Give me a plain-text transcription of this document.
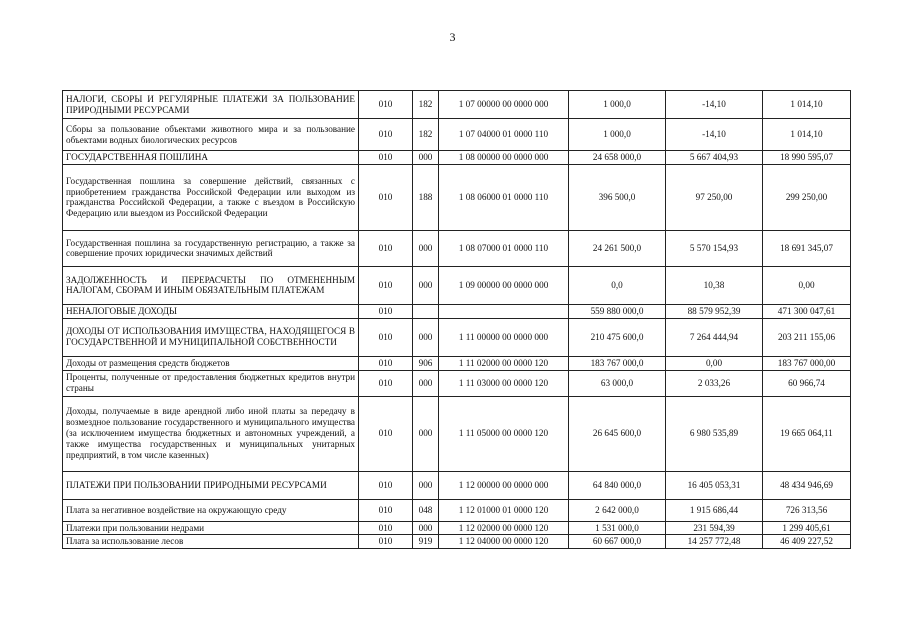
3
НАЛОГИ, СБОРЫ И РЕГУЛЯРНЫЕ ПЛАТЕЖИ ЗА ПОЛЬЗОВАНИЕ ПРИРОДНЫМИ РЕСУРСАМИ	010	182	1 07 00000 00 0000 000	1 000,0	-14,10	1 014,10
Сборы за пользование объектами животного мира и за пользование объектами водных биологических ресурсов	010	182	1 07 04000 01 0000 110	1 000,0	-14,10	1 014,10
ГОСУДАРСТВЕННАЯ ПОШЛИНА	010	000	1 08 00000 00 0000 000	24 658 000,0	5 667 404,93	18 990 595,07
Государственная пошлина за совершение действий, связанных с приобретением гражданства Российской Федерации или выходом из гражданства Российской Федерации, а также с въездом в Российскую Федерацию или выездом из Российской Федерации	010	188	1 08 06000 01 0000 110	396 500,0	97 250,00	299 250,00
Государственная пошлина за государственную регистрацию, а также за совершение прочих юридически значимых действий	010	000	1 08 07000 01 0000 110	24 261 500,0	5 570 154,93	18 691 345,07
ЗАДОЛЖЕННОСТЬ И ПЕРЕРАСЧЕТЫ ПО ОТМЕНЕННЫМ НАЛОГАМ, СБОРАМ И ИНЫМ ОБЯЗАТЕЛЬНЫМ ПЛАТЕЖАМ	010	000	1 09 00000 00 0000 000	0,0	10,38	0,00
НЕНАЛОГОВЫЕ ДОХОДЫ	010			559 880 000,0	88 579 952,39	471 300 047,61
ДОХОДЫ ОТ ИСПОЛЬЗОВАНИЯ ИМУЩЕСТВА, НАХОДЯЩЕГОСЯ В ГОСУДАРСТВЕННОЙ И МУНИЦИПАЛЬНОЙ СОБСТВЕННОСТИ	010	000	1 11 00000 00 0000 000	210 475 600,0	7 264 444,94	203 211 155,06
Доходы от размещения средств бюджетов	010	906	1 11 02000 00 0000 120	183 767 000,0	0,00	183 767 000,00
Проценты, полученные от предоставления бюджетных кредитов внутри страны	010	000	1 11 03000 00 0000 120	63 000,0	2 033,26	60 966,74
Доходы, получаемые в виде арендной либо иной платы за передачу в возмездное пользование государственного и муниципального имущества (за исключением имущества бюджетных и автономных учреждений, а также имущества государственных и муниципальных унитарных предприятий, в том числе казенных)	010	000	1 11 05000 00 0000 120	26 645 600,0	6 980 535,89	19 665 064,11
ПЛАТЕЖИ ПРИ ПОЛЬЗОВАНИИ ПРИРОДНЫМИ РЕСУРСАМИ	010	000	1 12 00000 00 0000 000	64 840 000,0	16 405 053,31	48 434 946,69
Плата за негативное воздействие на окружающую среду	010	048	1 12 01000 01 0000 120	2 642 000,0	1 915 686,44	726 313,56
Платежи при пользовании недрами	010	000	1 12 02000 00 0000 120	1 531 000,0	231 594,39	1 299 405,61
Плата за использование лесов	010	919	1 12 04000 00 0000 120	60 667 000,0	14 257 772,48	46 409 227,52
